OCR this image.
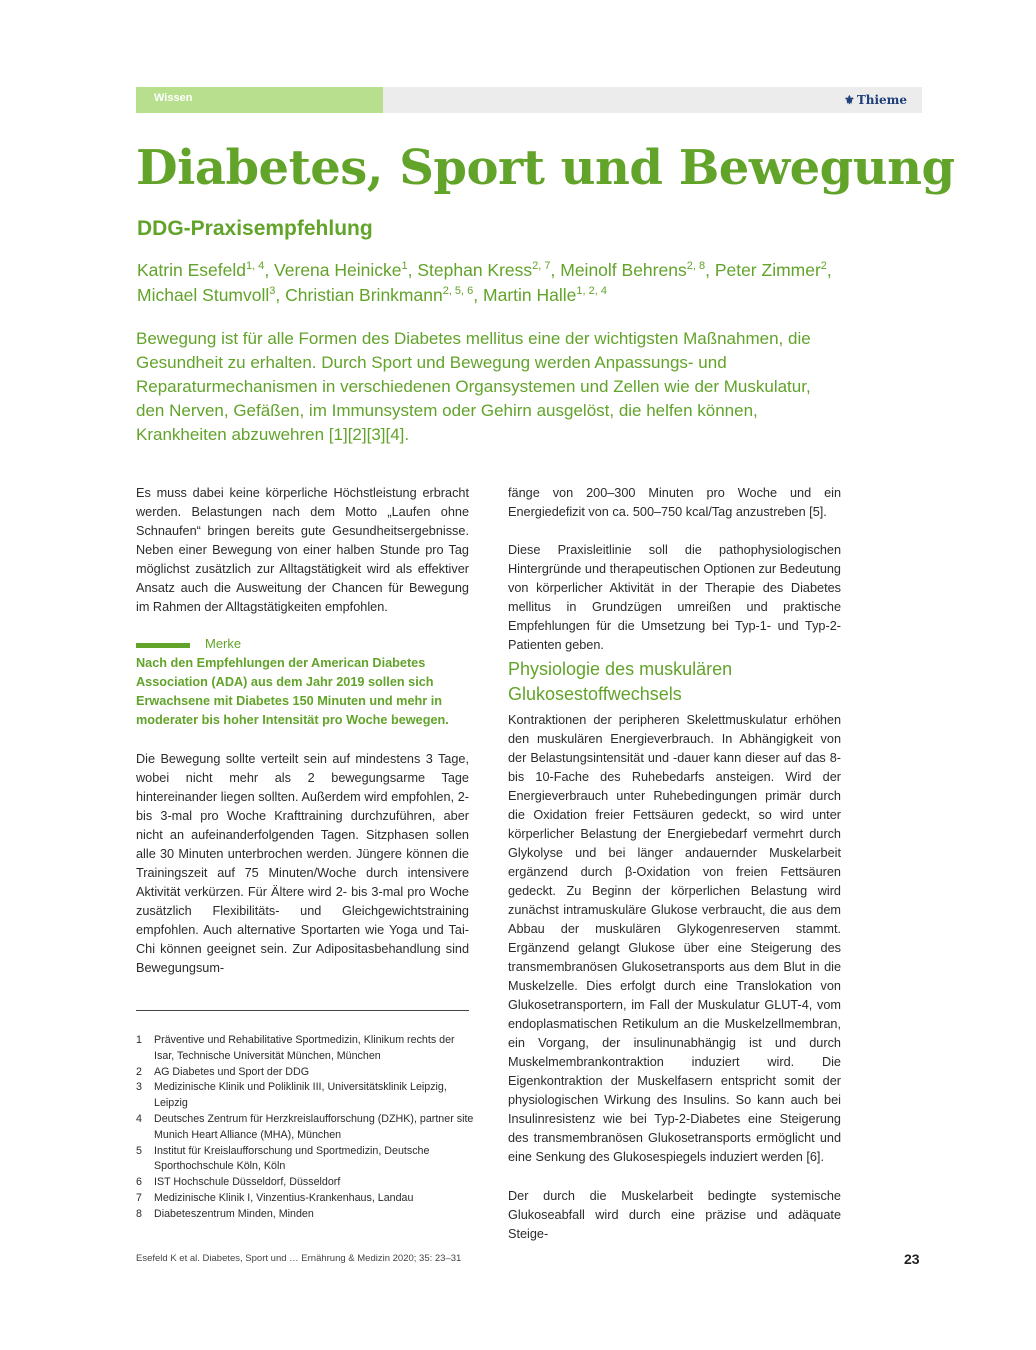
Wissen	⚜ Thieme
Diabetes, Sport und Bewegung
DDG-Praxisempfehlung
Katrin Esefeld$^{1, 4}$, Verena Heinicke$^1$, Stephan Kress$^{2, 7}$, Meinolf Behrens$^{2, 8}$, Peter Zimmer$^2$,
Michael Stumvoll$^3$, Christian Brinkmann$^{2, 5, 6}$, Martin Halle$^{1, 2, 4}$
Bewegung ist für alle Formen des Diabetes mellitus eine der wichtigsten Maßnahmen, die Gesundheit zu erhalten. Durch Sport und Bewegung werden Anpassungs- und Reparaturmechanismen in verschiedenen Organsystemen und Zellen wie der Muskulatur, den Nerven, Gefäßen, im Immunsystem oder Gehirn ausgelöst, die helfen können, Krankheiten abzuwehren [1][2][3][4].
Es muss dabei keine körperliche Höchstleistung erbracht werden. Belastungen nach dem Motto „Laufen ohne Schnaufen“ bringen bereits gute Gesundheitsergebnisse. Neben einer Bewegung von einer halben Stunde pro Tag möglichst zusätzlich zur Alltagstätigkeit wird als effektiver Ansatz auch die Ausweitung der Chancen für Bewegung im Rahmen der Alltagstätigkeiten empfohlen.
Merke
Nach den Empfehlungen der American Diabetes Association (ADA) aus dem Jahr 2019 sollen sich Erwachsene mit Diabetes 150 Minuten und mehr in moderater bis hoher Intensität pro Woche bewegen.
Die Bewegung sollte verteilt sein auf mindestens 3 Tage, wobei nicht mehr als 2 bewegungsarme Tage hintereinander liegen sollten. Außerdem wird empfohlen, 2- bis 3-mal pro Woche Krafttraining durchzuführen, aber nicht an aufeinanderfolgenden Tagen. Sitzphasen sollen alle 30 Minuten unterbrochen werden. Jüngere können die Trainingszeit auf 75 Minuten/Woche durch intensivere Aktivität verkürzen. Für Ältere wird 2- bis 3-mal pro Woche zusätzlich Flexibilitäts- und Gleichgewichtstraining empfohlen. Auch alternative Sportarten wie Yoga und Tai-Chi können geeignet sein. Zur Adipositasbehandlung sind Bewegungsum-
1	Präventive und Rehabilitative Sportmedizin, Klinikum rechts der Isar, Technische Universität München, München
2	AG Diabetes und Sport der DDG
3	Medizinische Klinik und Poliklinik III, Universitätsklinik Leipzig, Leipzig
4	Deutsches Zentrum für Herzkreislaufforschung (DZHK), partner site Munich Heart Alliance (MHA), München
5	Institut für Kreislaufforschung und Sportmedizin, Deutsche Sporthochschule Köln, Köln
6	IST Hochschule Düsseldorf, Düsseldorf
7	Medizinische Klinik I, Vinzentius-Krankenhaus, Landau
8	Diabeteszentrum Minden, Minden
fänge von 200–300 Minuten pro Woche und ein Energiedefizit von ca. 500–750 kcal/Tag anzustreben [5].
Diese Praxisleitlinie soll die pathophysiologischen Hintergründe und therapeutischen Optionen zur Bedeutung von körperlicher Aktivität in der Therapie des Diabetes mellitus in Grundzügen umreißen und praktische Empfehlungen für die Umsetzung bei Typ-1- und Typ-2-Patienten geben.
Physiologie des muskulären Glukosestoffwechsels
Kontraktionen der peripheren Skelettmuskulatur erhöhen den muskulären Energieverbrauch. In Abhängigkeit von der Belastungsintensität und -dauer kann dieser auf das 8- bis 10-Fache des Ruhebedarfs ansteigen. Wird der Energieverbrauch unter Ruhebedingungen primär durch die Oxidation freier Fettsäuren gedeckt, so wird unter körperlicher Belastung der Energiebedarf vermehrt durch Glykolyse und bei länger andauernder Muskelarbeit ergänzend durch β-Oxidation von freien Fettsäuren gedeckt. Zu Beginn der körperlichen Belastung wird zunächst intramuskuläre Glukose verbraucht, die aus dem Abbau der muskulären Glykogenreserven stammt. Ergänzend gelangt Glukose über eine Steigerung des transmembranösen Glukosetransports aus dem Blut in die Muskelzelle. Dies erfolgt durch eine Translokation von Glukosetransportern, im Fall der Muskulatur GLUT-4, vom endoplasmatischen Retikulum an die Muskelzellmembran, ein Vorgang, der insulinunabhängig ist und durch Muskelmembrankontraktion induziert wird. Die Eigenkontraktion der Muskelfasern entspricht somit der physiologischen Wirkung des Insulins. So kann auch bei Insulinresistenz wie bei Typ-2-Diabetes eine Steigerung des transmembranösen Glukosetransports ermöglicht und eine Senkung des Glukosespiegels induziert werden [6].
Der durch die Muskelarbeit bedingte systemische Glukoseabfall wird durch eine präzise und adäquate Steige-
Esefeld K et al. Diabetes, Sport und … Ernährung & Medizin 2020; 35: 23–31	23
